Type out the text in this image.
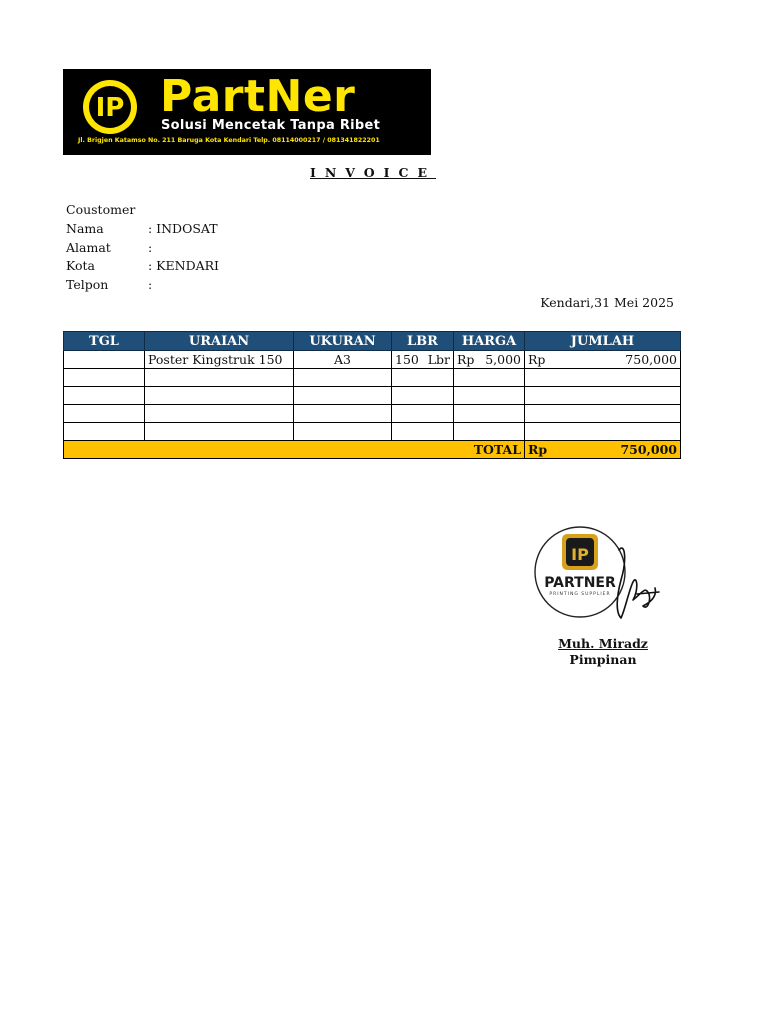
IP PartNer
Solusi Mencetak Tanpa Ribet
Jl. Brigjen Katamso No. 211 Baruga Kota Kendari Telp. 08114000217 / 081341822201
INVOICE
Coustomer
Nama	: INDOSAT
Alamat	:
Kota	: KENDARI
Telpon	:
Kendari,31 Mei 2025
TGL	URAIAN	UKURAN	LBR	HARGA	JUMLAH
	Poster Kingstruk 150	A3	150 Lbr	Rp 5,000	Rp 750,000

TOTAL					Rp 750,000
IP
PARTNER
PRINTING SUPPLIER
Muh. Miradz
Pimpinan
